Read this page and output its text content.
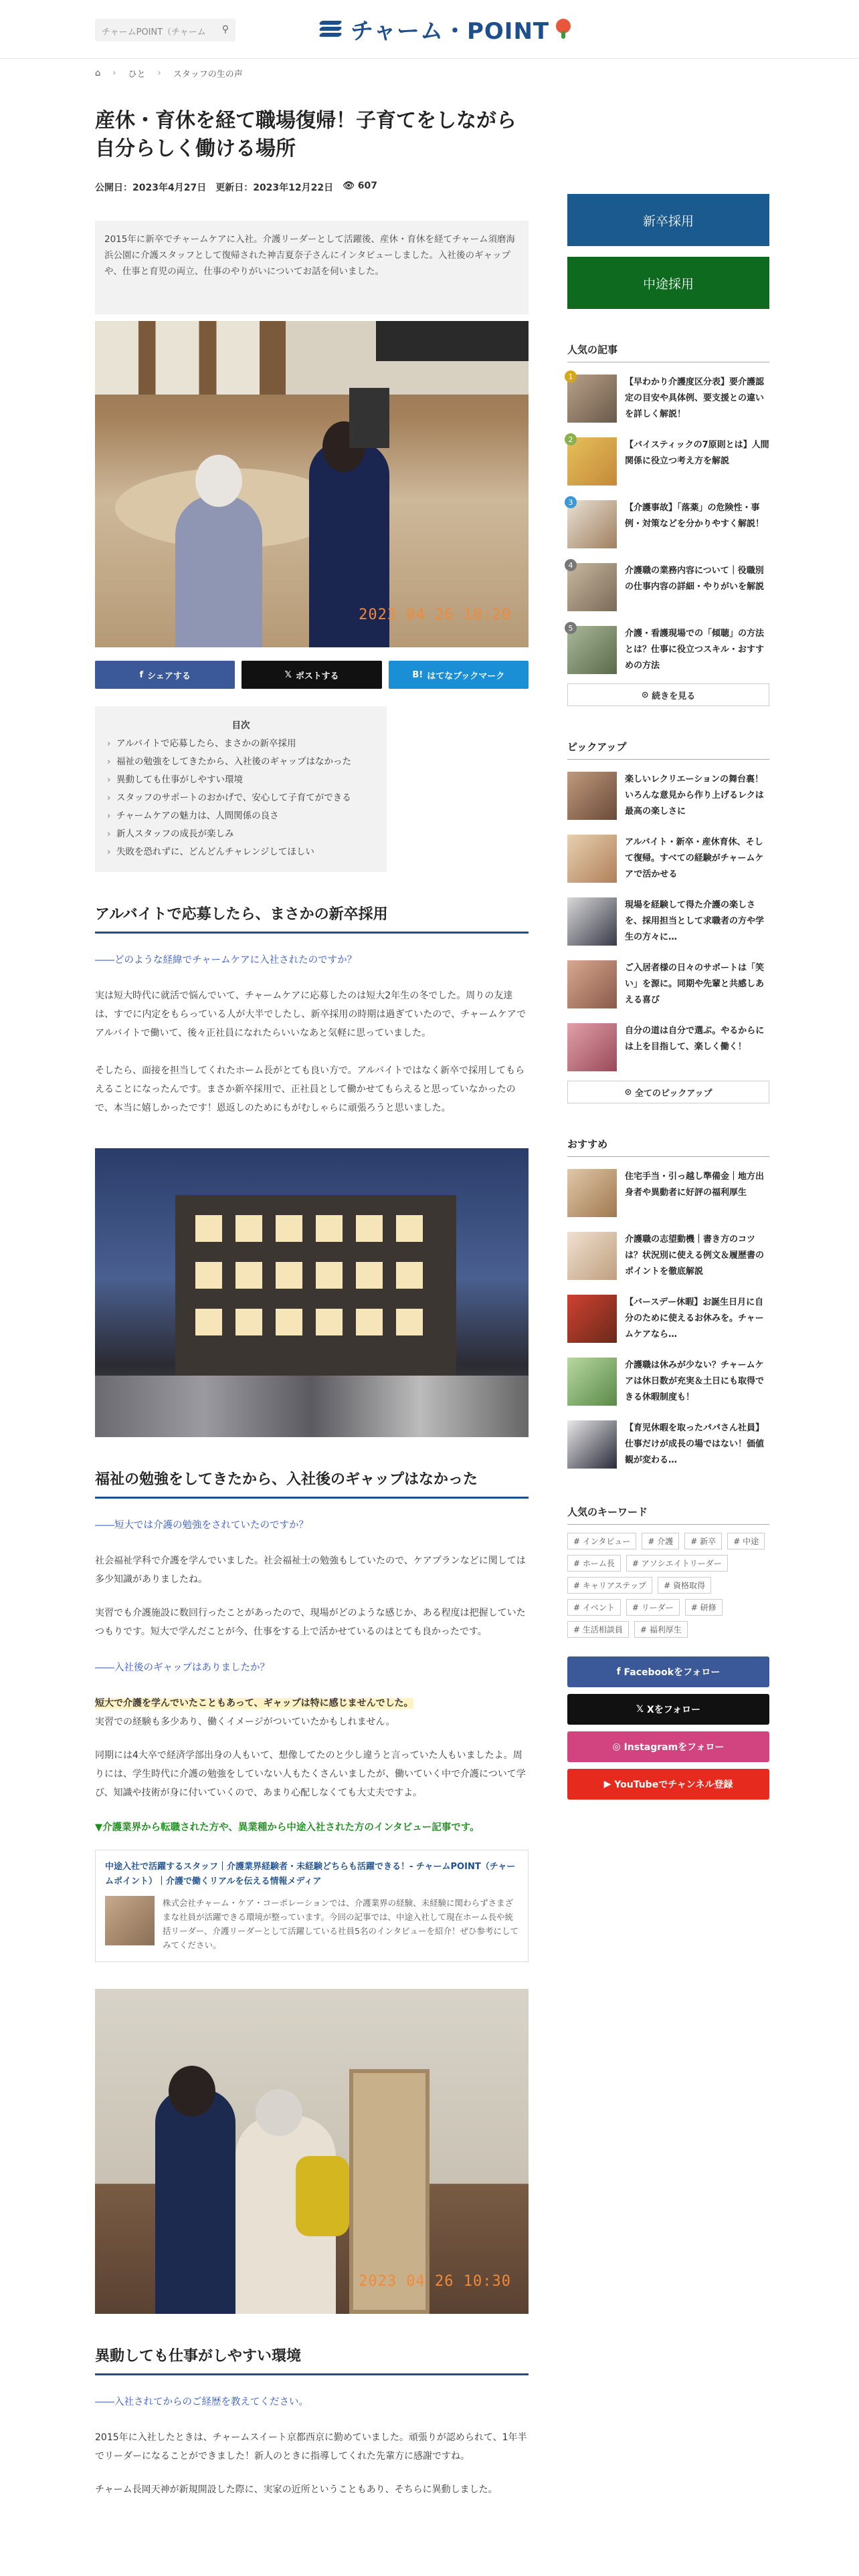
チャームPOINT（チャーム ⚲	チャーム・POINT
⌂ › ひと › スタッフの生の声
産休・育休を経て職場復帰！子育てをしながら自分らしく働ける場所
公開日：2023年4月27日 更新日：2023年12月22日 👁 607
2015年に新卒でチャームケアに入社。介護リーダーとして活躍後、産休・育休を経てチャーム須磨海浜公園に介護スタッフとして復帰された神吉夏奈子さんにインタビューしました。入社後のギャップや、仕事と育児の両立、仕事のやりがいについてお話を伺いました。
2023 04 26 10:20
f シェアする	𝕏 ポストする	B! はてなブックマーク
目次
› アルバイトで応募したら、まさかの新卒採用
› 福祉の勉強をしてきたから、入社後のギャップはなかった
› 異動しても仕事がしやすい環境
› スタッフのサポートのおかげで、安心して子育てができる
› チャームケアの魅力は、人間関係の良さ
› 新人スタッフの成長が楽しみ
› 失敗を恐れずに、どんどんチャレンジしてほしい
アルバイトで応募したら、まさかの新卒採用
――どのような経緯でチャームケアに入社されたのですか？
実は短大時代に就活で悩んでいて、チャームケアに応募したのは短大2年生の冬でした。周りの友達は、すでに内定をもらっている人が大半でしたし、新卒採用の時期は過ぎていたので、チャームケアでアルバイトで働いて、後々正社員になれたらいいなあと気軽に思っていました。
そしたら、面接を担当してくれたホーム長がとても良い方で。アルバイトではなく新卒で採用してもらえることになったんです。まさか新卒採用で、正社員として働かせてもらえると思っていなかったので、本当に嬉しかったです！恩返しのためにもがむしゃらに頑張ろうと思いました。
福祉の勉強をしてきたから、入社後のギャップはなかった
――短大では介護の勉強をされていたのですか？
社会福祉学科で介護を学んでいました。社会福祉士の勉強もしていたので、ケアプランなどに関しては多少知識がありましたね。
実習でも介護施設に数回行ったことがあったので、現場がどのような感じか、ある程度は把握していたつもりです。短大で学んだことが今、仕事をする上で活かせているのはとても良かったです。
――入社後のギャップはありましたか？
短大で介護を学んでいたこともあって、ギャップは特に感じませんでした。
実習での経験も多少あり、働くイメージがついていたかもしれません。
同期には4大卒で経済学部出身の人もいて、想像してたのと少し違うと言っていた人もいましたよ。周りには、学生時代に介護の勉強をしていない人もたくさんいましたが、働いていく中で介護について学び、知識や技術が身に付いていくので、あまり心配しなくても大丈夫ですよ。
▼介護業界から転職された方や、異業種から中途入社された方のインタビュー記事です。
中途入社で活躍するスタッフ｜介護業界経験者・未経験どちらも活躍できる！- チャームPOINT（チャームポイント）｜介護で働くリアルを伝える情報メディア
株式会社チャーム・ケア・コーポレーションでは、介護業界の経験、未経験に関わらずさまざまな社員が活躍できる環境が整っています。今回の記事では、中途入社して現在ホーム長や統括リーダー、介護リーダーとして活躍している社員5名のインタビューを紹介！ぜひ参考にしてみてください。
2023 04 26 10:30
異動しても仕事がしやすい環境
――入社されてからのご経歴を教えてください。
2015年に入社したときは、チャームスイート京都西京に勤めていました。頑張りが認められて、1年半でリーダーになることができました！新人のときに指導してくれた先輩方に感謝ですね。
チャーム長岡天神が新規開設した際に、実家の近所ということもあり、そちらに異動しました。
新卒採用
中途採用
人気の記事
1
【早わかり介護度区分表】要介護認定の目安や具体例、要支援との違いを詳しく解説！
2
【バイスティックの7原則とは】人間関係に役立つ考え方を解説
3
【介護事故】「落薬」の危険性・事例・対策などを分かりやすく解説！
4
介護職の業務内容について｜役職別の仕事内容の詳細・やりがいを解説
5
介護・看護現場での「傾聴」の方法とは？仕事に役立つスキル・おすすめの方法
⊙ 続きを見る
ピックアップ
楽しいレクリエーションの舞台裏！いろんな意見から作り上げるレクは最高の楽しさに
アルバイト・新卒・産休育休、そして復帰。すべての経験がチャームケアで活かせる
現場を経験して得た介護の楽しさを、採用担当として求職者の方や学生の方々に…
ご入居者様の日々のサポートは「笑い」を源に。同期や先輩と共感しあえる喜び
自分の道は自分で選ぶ。やるからには上を目指して、楽しく働く！
⊙ 全てのピックアップ
おすすめ
住宅手当・引っ越し準備金｜地方出身者や異動者に好評の福利厚生
介護職の志望動機｜書き方のコツは？状況別に使える例文＆履歴書のポイントを徹底解説
【バースデー休暇】お誕生日月に自分のために使えるお休みを。チャームケアなら…
介護職は休みが少ない？チャームケアは休日数が充実＆土日にも取得できる休暇制度も！
【育児休暇を取ったパパさん社員】仕事だけが成長の場ではない！価値観が変わる…
人気のキーワード
# インタビュー	# 介護	# 新卒	# 中途
# ホーム長	# アソシエイトリーダー
# キャリアステップ	# 資格取得
# イベント	# リーダー	# 研修
# 生活相談員	# 福利厚生
f Facebookをフォロー
𝕏 Xをフォロー
◎ Instagramをフォロー
▶ YouTubeでチャンネル登録
